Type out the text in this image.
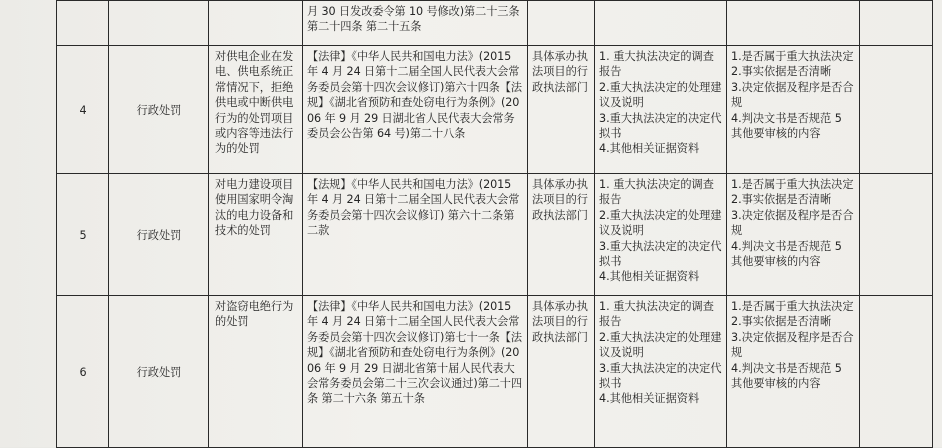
			月 30 日发改委令第 10 号修改)第二十三条第二十四条 第二十五条				

4	行政处罚	对供电企业在发电、供电系统正常情况下，拒绝供电或中断供电行为的处罚项目或内容等违法行为的处罚	【法律】《中华人民共和国电力法》(2015 年 4 月 24 日第十二届全国人民代表大会常务委员会第十四次会议修订)第六十四条【法规】《湖北省预防和查处窃电行为条例》(2006 年 9 月 29 日湖北省人民代表大会常务委员会公告第 64 号)第二十八条	具体承办执法项目的行政执法部门	1. 重大执法决定的调查报告
2.重大执法决定的处理建议及说明
3.重大执法决定的决定代拟书
4.其他相关证据资料	1.是否属于重大执法决定
2.事实依据是否清晰
3.决定依据及程序是否合规
4.判决文书是否规范 5 其他要审核的内容	

5	行政处罚	对电力建设项目使用国家明令淘汰的电力设备和技术的处罚	【法规】《中华人民共和国电力法》(2015 年 4 月 24 日第十二届全国人民代表大会常务委员会第十四次会议修订) 第六十二条第二款	具体承办执法项目的行政执法部门	1. 重大执法决定的调查报告
2.重大执法决定的处理建议及说明
3.重大执法决定的决定代拟书
4.其他相关证据资料	1.是否属于重大执法决定
2.事实依据是否清晰
3.决定依据及程序是否合规
4.判决文书是否规范 5 其他要审核的内容	

6	行政处罚	对盗窃电绝行为的处罚	【法律】《中华人民共和国电力法》(2015 年 4 月 24 日第十二届全国人民代表大会常务委员会第十四次会议修订)第七十一条【法规】《湖北省预防和查处窃电行为条例》(2006 年 9 月 29 日湖北省第十届人民代表大会常务委员会第二十三次会议通过)第二十四条 第二十六条 第五十条	具体承办执法项目的行政执法部门	1. 重大执法决定的调查报告
2.重大执法决定的处理建议及说明
3.重大执法决定的决定代拟书
4.其他相关证据资料	1.是否属于重大执法决定
2.事实依据是否清晰
3.决定依据及程序是否合规
4.判决文书是否规范 5 其他要审核的内容	
